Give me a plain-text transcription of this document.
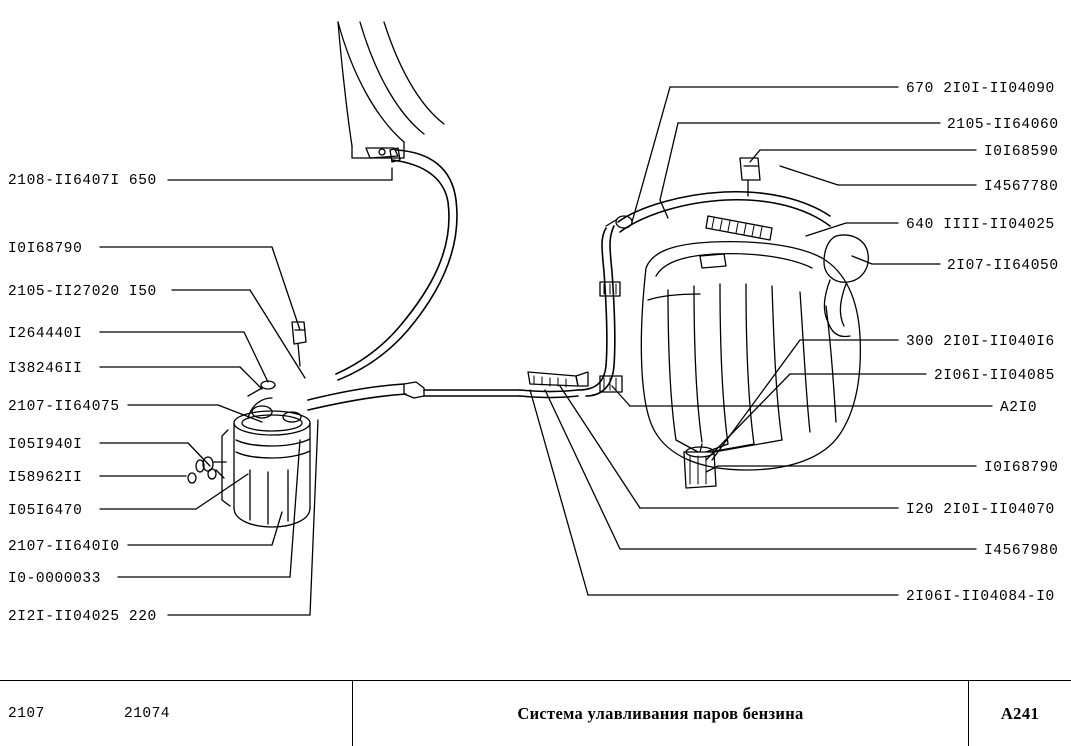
2108-II6407I 650
I0I68790
2105-II27020 I50
I264440I
I38246II
2107-II64075
I05I940I
I58962II
I05I6470
2107-II640I0
I0-0000033
2I2I-II04025 220
670 2I0I-II04090
2105-II64060
I0I68590
I4567780
640 IIII-II04025
2I07-II64050
300 2I0I-II040I6
2I06I-II04085
A2I0
I0I68790
I20 2I0I-II04070
I4567980
2I06I-II04084-I0
2107	21074	Система улавливания паров бензина	A241
